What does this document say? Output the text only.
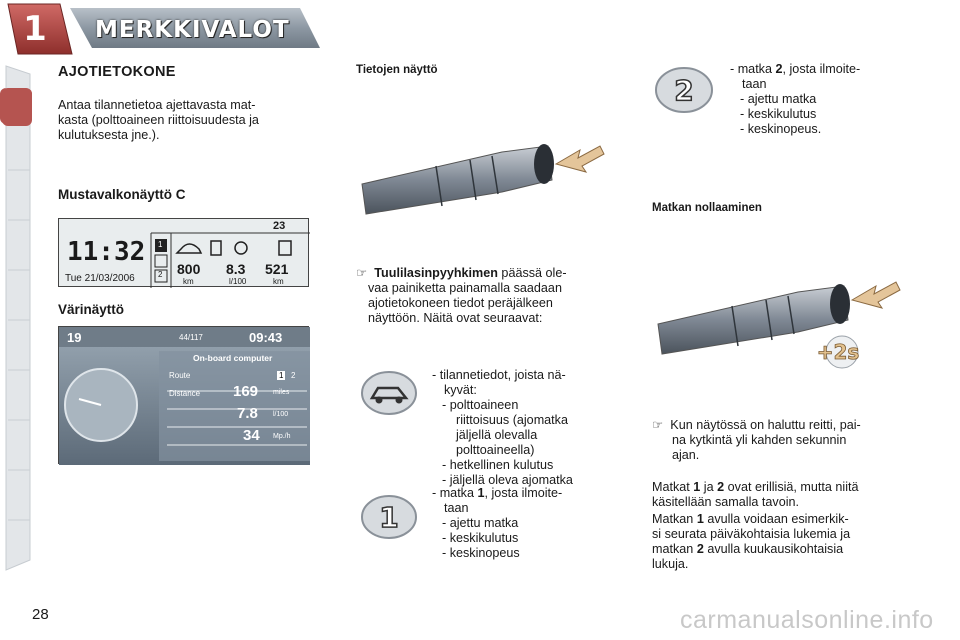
1	MERKKIVALOT
AJOTIETOKONE
Antaa tilannetietoa ajettavasta mat-
kasta (polttoaineen riittoisuudesta ja
kulutuksesta jne.).
Mustavalkonäyttö C
11:32
Tue 21/03/2006
23
1
2 800
km
8.3
l/100
521
km
Värinäyttö
19	44/117	09:43
On-board computer
Route	1 2
Distance 169 miles
7.8 l/100
34 Mp./h
Tietojen näyttö
☞  Tuulilasinpyyhkimen päässä ole-
vaa painiketta painamalla saadaan
ajotietokoneen tiedot peräjälkeen
näyttöön. Näitä ovat seuraavat:
- tilannetiedot, joista nä-
kyvät:
- polttoaineen
riittoisuus (ajomatka
jäljellä olevalla
polttoaineella)
- hetkellinen kulutus
- jäljellä oleva ajomatka
1
- matka 1, josta ilmoite-
taan
- ajettu matka
- keskikulutus
- keskinopeus
2
- matka 2, josta ilmoite-
taan
- ajettu matka
- keskikulutus
- keskinopeus.
Matkan nollaaminen
+2s
☞  Kun näytössä on haluttu reitti, pai-
na kytkintä yli kahden sekunnin
ajan.
Matkat 1 ja 2 ovat erillisiä, mutta niitä
käsitellään samalla tavoin.
Matkan 1 avulla voidaan esimerkik-
si seurata päiväkohtaisia lukemia ja
matkan 2 avulla kuukausikohtaisia
lukuja.
28	carmanualsonline.info
